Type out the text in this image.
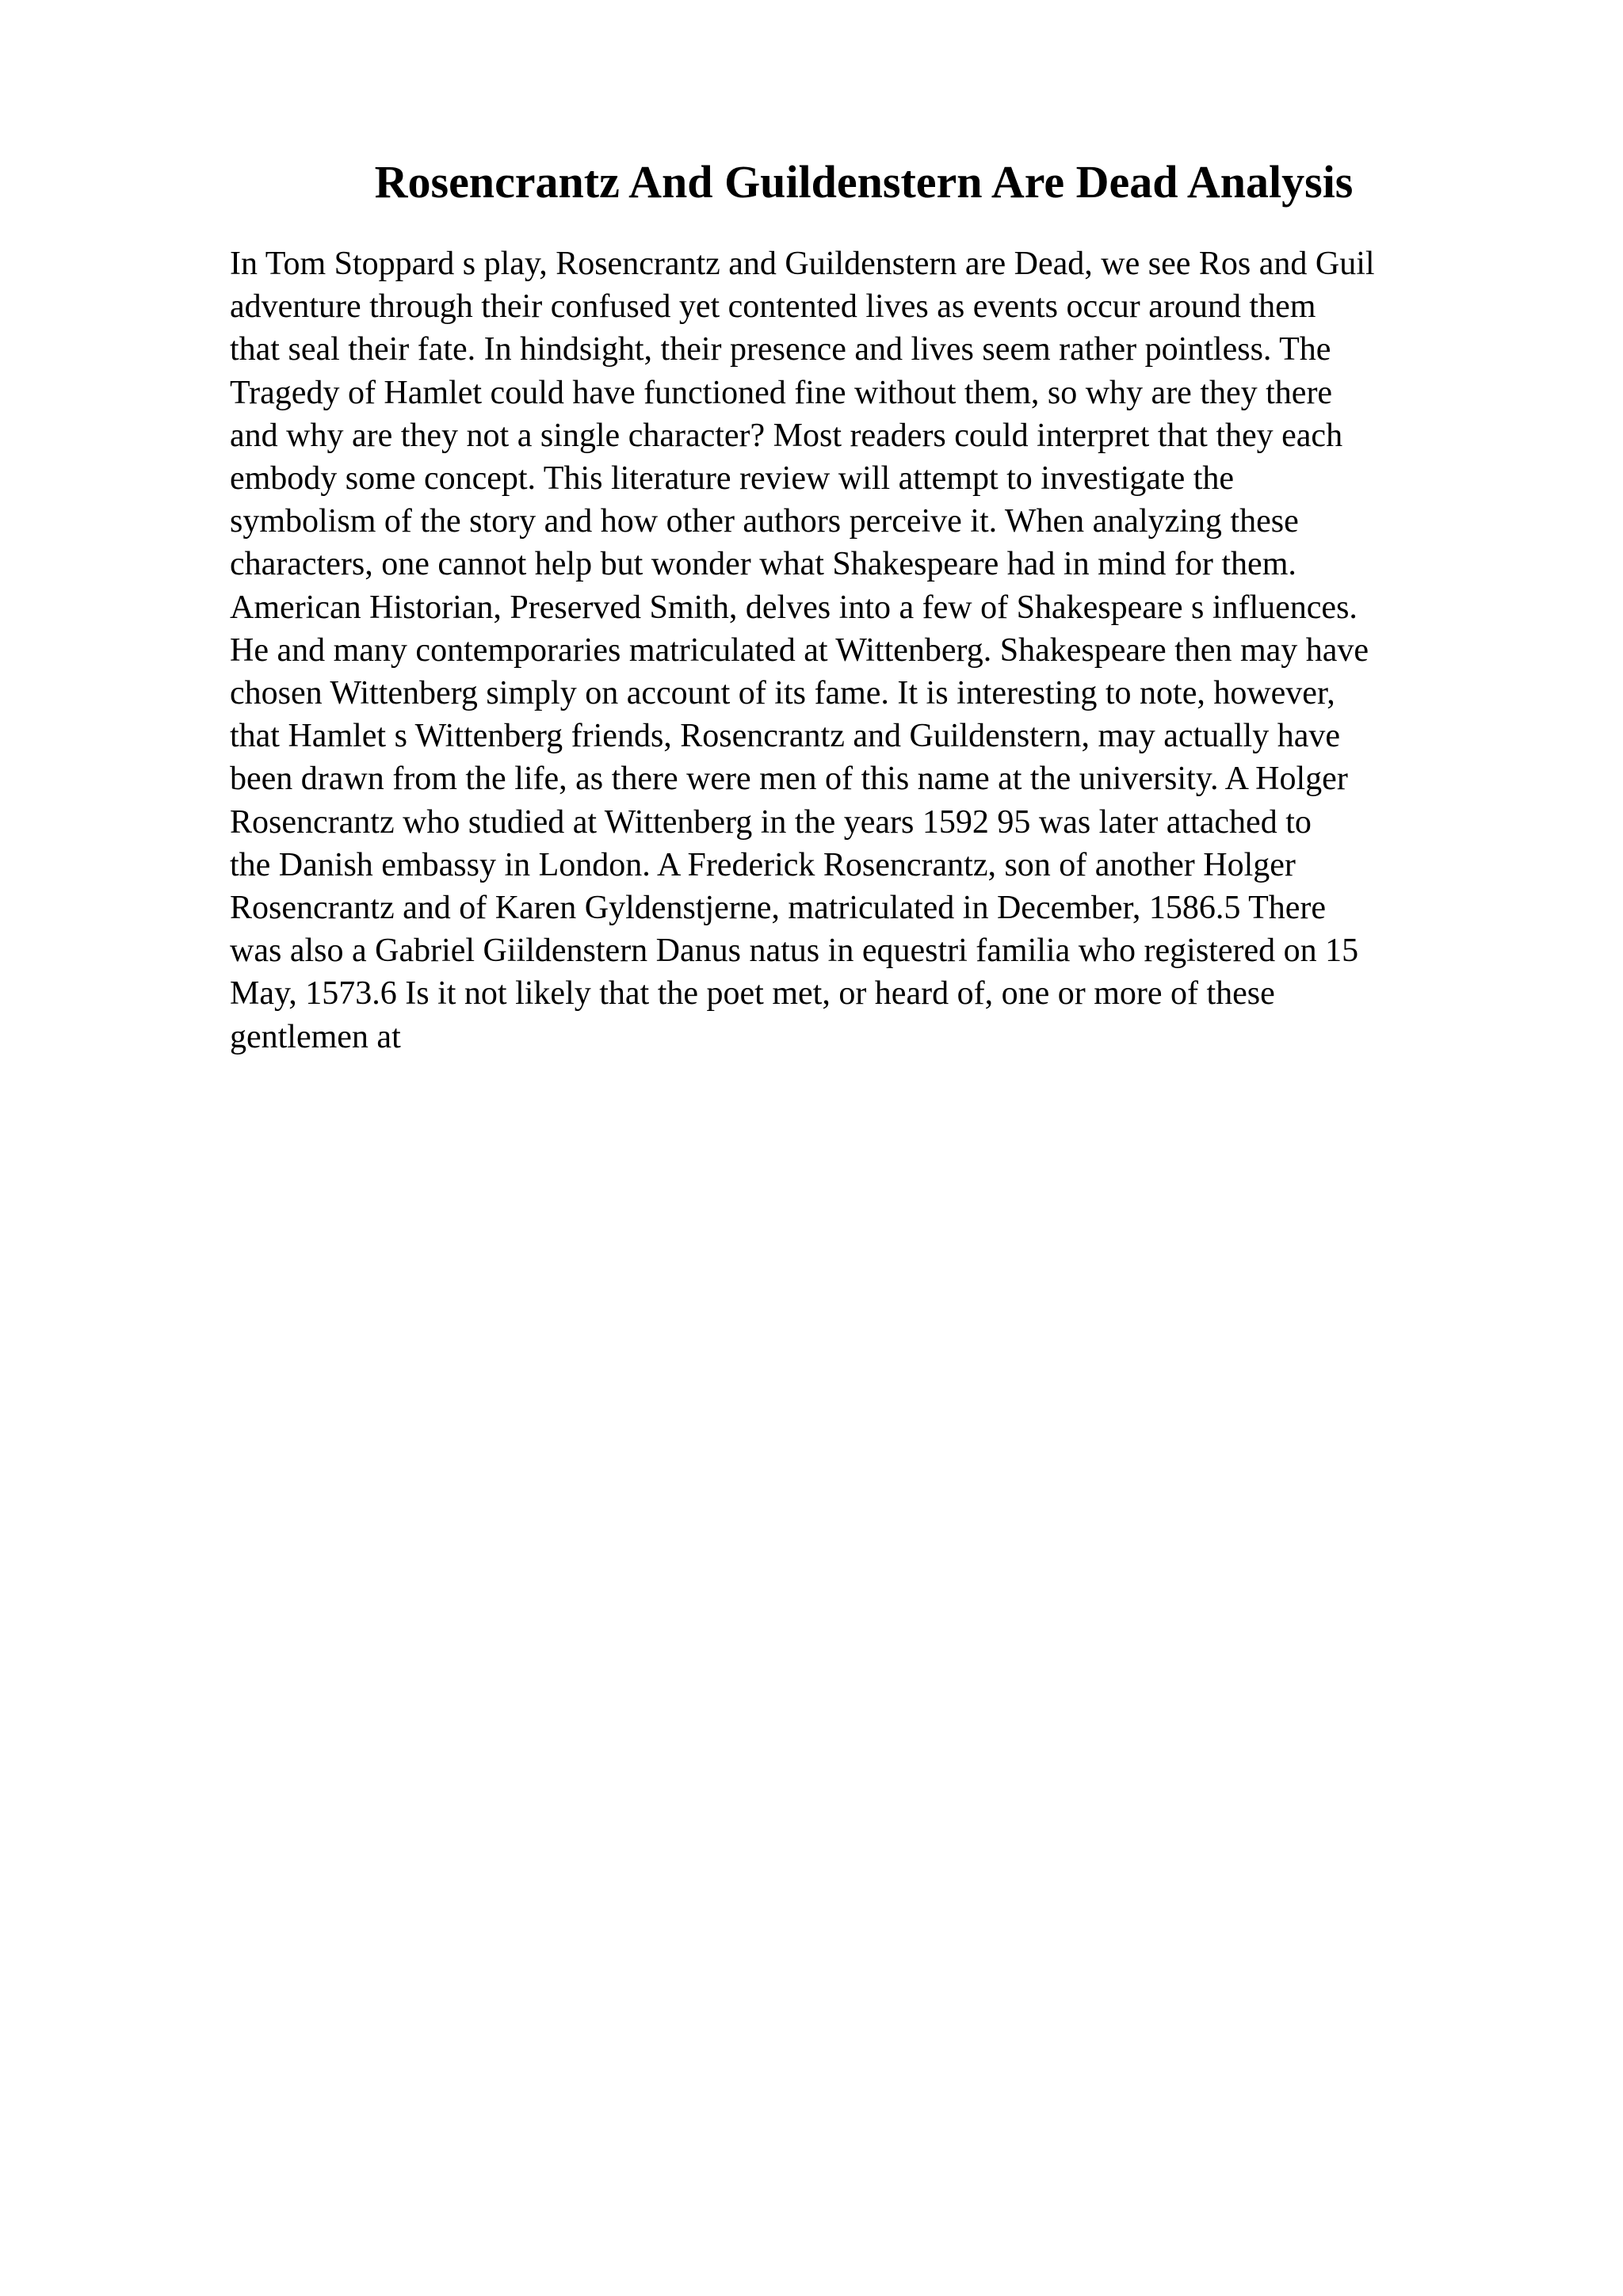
Rosencrantz And Guildenstern Are Dead Analysis
In Tom Stoppard s play, Rosencrantz and Guildenstern are Dead, we see Ros and Guil
adventure through their confused yet contented lives as events occur around them
that seal their fate. In hindsight, their presence and lives seem rather pointless. The
Tragedy of Hamlet could have functioned fine without them, so why are they there
and why are they not a single character? Most readers could interpret that they each
embody some concept. This literature review will attempt to investigate the
symbolism of the story and how other authors perceive it. When analyzing these
characters, one cannot help but wonder what Shakespeare had in mind for them.
American Historian, Preserved Smith, delves into a few of Shakespeare s influences.
He and many contemporaries matriculated at Wittenberg. Shakespeare then may have
chosen Wittenberg simply on account of its fame. It is interesting to note, however,
that Hamlet s Wittenberg friends, Rosencrantz and Guildenstern, may actually have
been drawn from the life, as there were men of this name at the university. A Holger
Rosencrantz who studied at Wittenberg in the years 1592 95 was later attached to
the Danish embassy in London. A Frederick Rosencrantz, son of another Holger
Rosencrantz and of Karen Gyldenstjerne, matriculated in December, 1586.5 There
was also a Gabriel Giildenstern Danus natus in equestri familia who registered on 15
May, 1573.6 Is it not likely that the poet met, or heard of, one or more of these
gentlemen at
